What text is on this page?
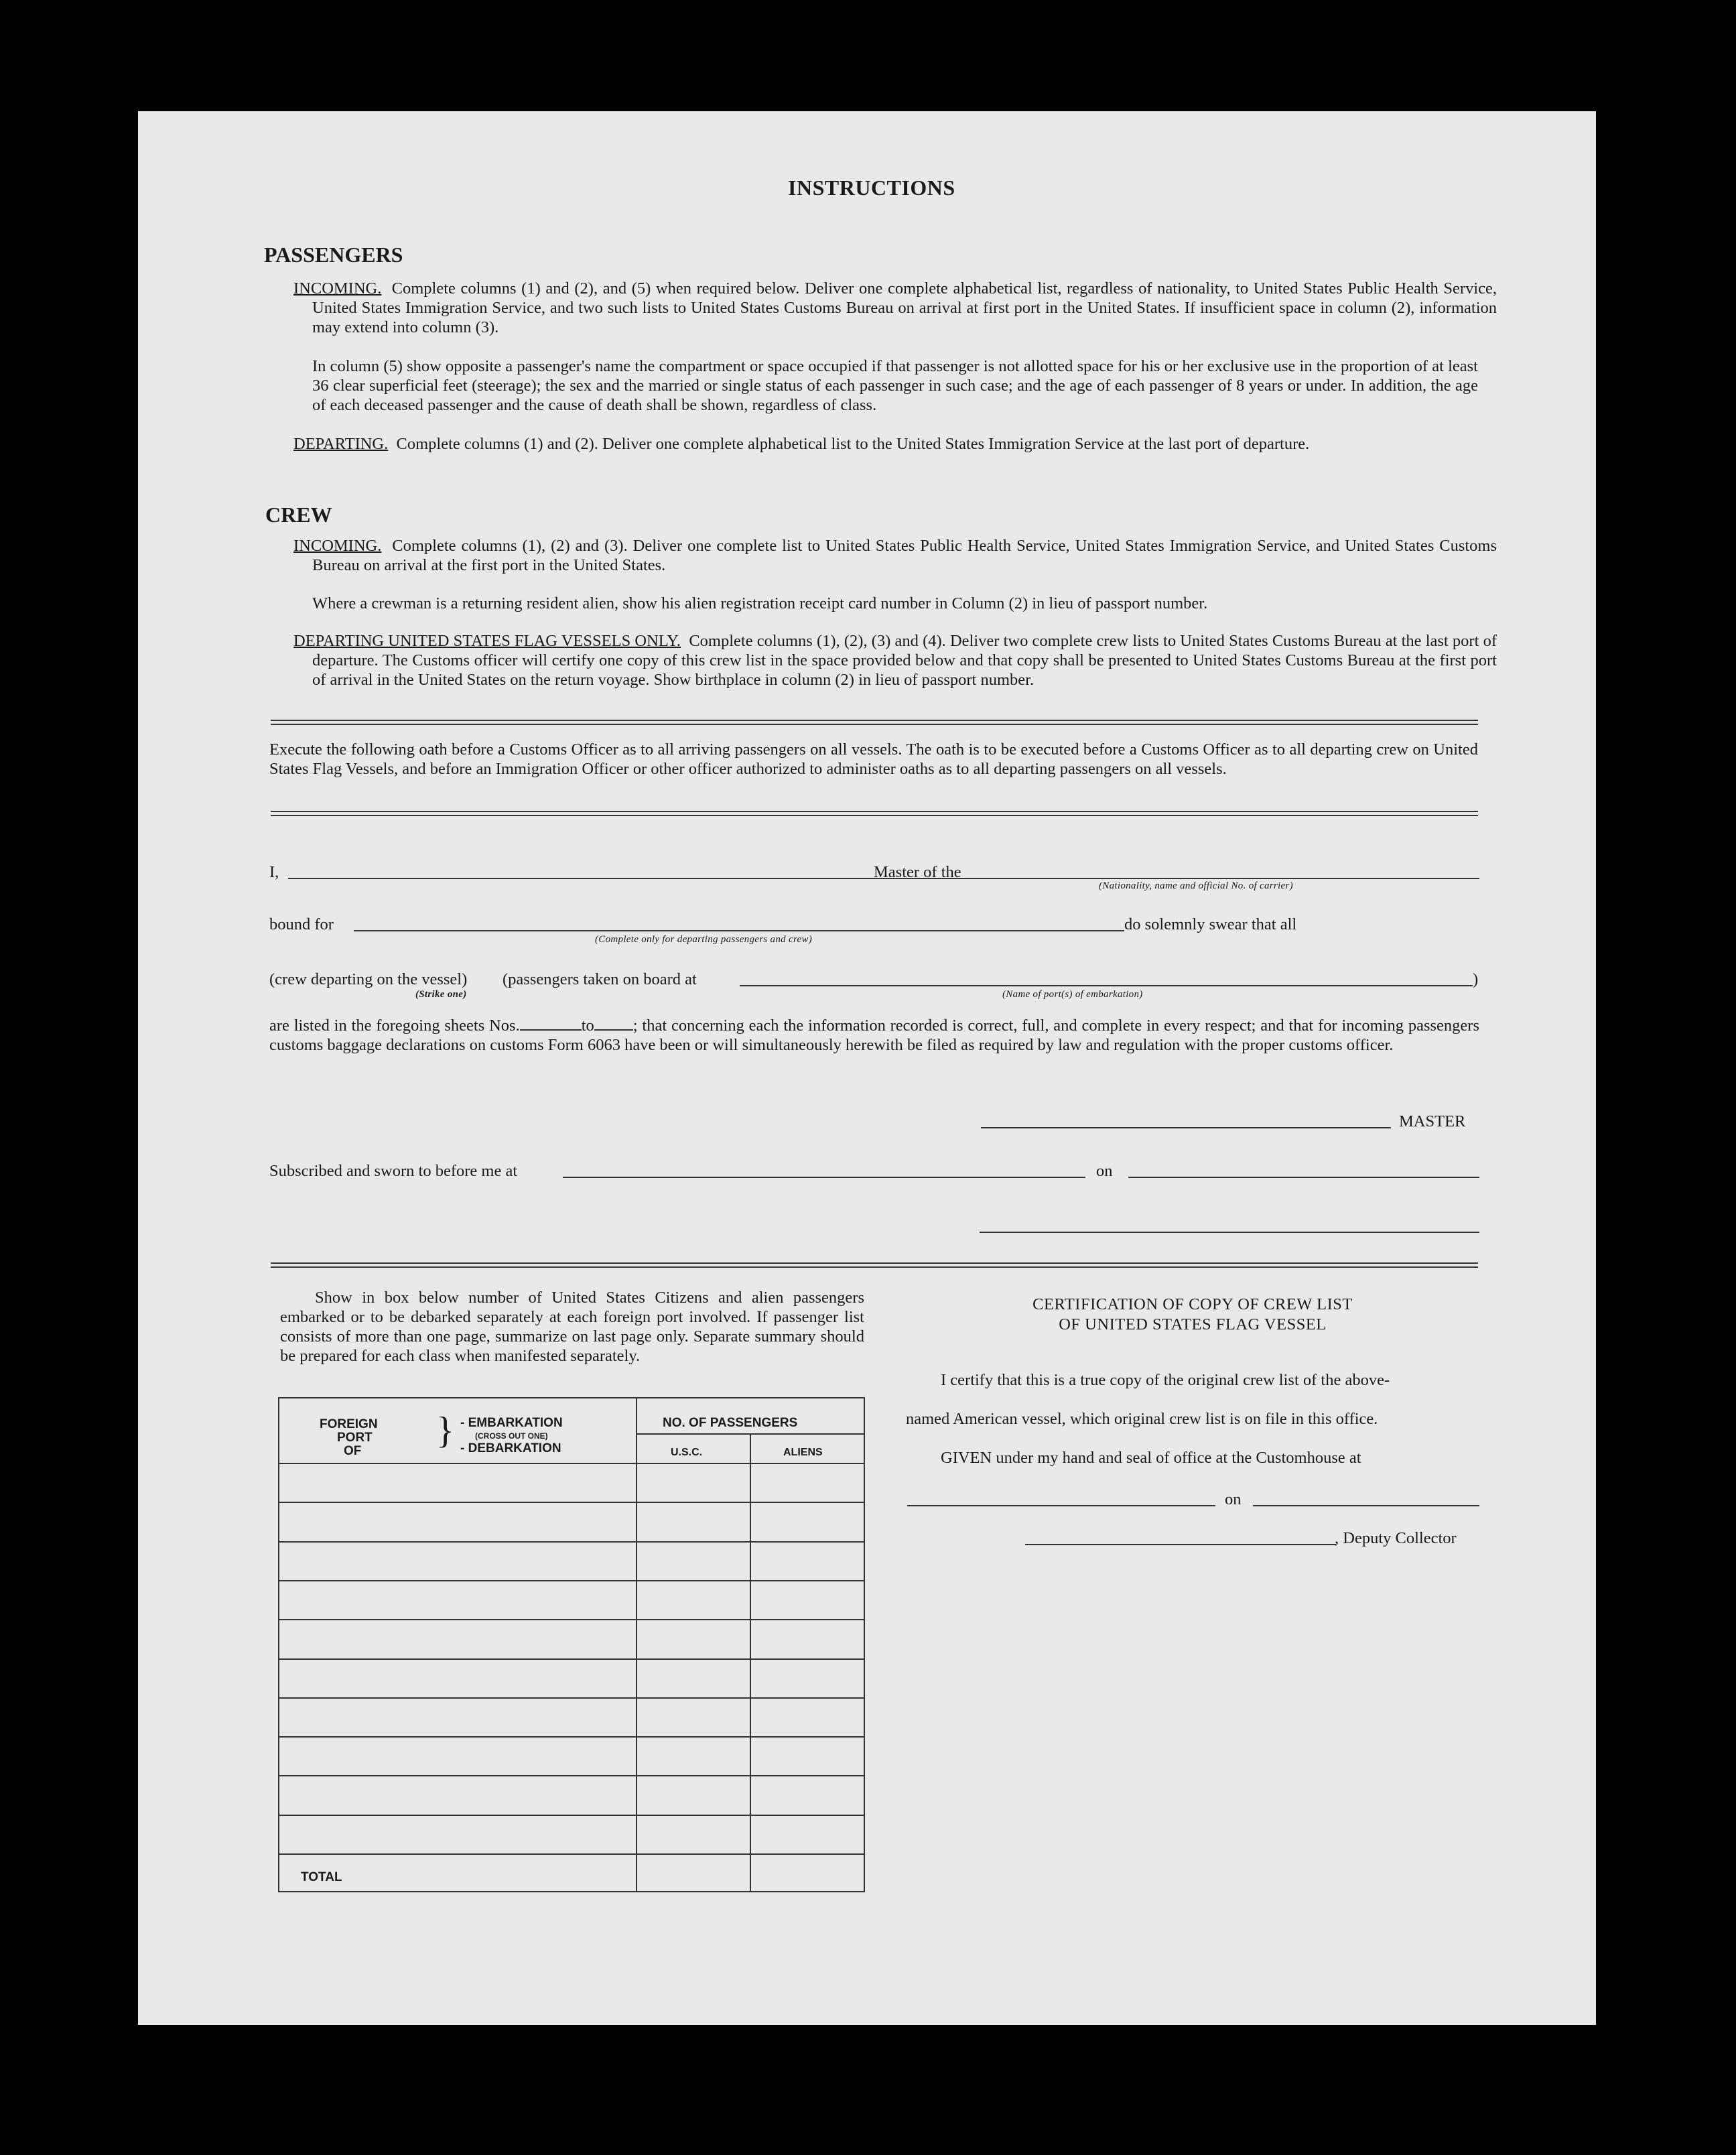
INSTRUCTIONS
PASSENGERS
INCOMING. Complete columns (1) and (2), and (5) when required below. Deliver one complete alphabetical list, regardless of nationality, to United States Public Health Service, United States Immigration Service, and two such lists to United States Customs Bureau on arrival at first port in the United States. If insufficient space in column (2), information may extend into column (3).
In column (5) show opposite a passenger's name the compartment or space occupied if that passenger is not allotted space for his or her exclusive use in the proportion of at least 36 clear superficial feet (steerage); the sex and the married or single status of each passenger in such case; and the age of each passenger of 8 years or under. In addition, the age of each deceased passenger and the cause of death shall be shown, regardless of class.
DEPARTING. Complete columns (1) and (2). Deliver one complete alphabetical list to the United States Immigration Service at the last port of departure.
CREW
INCOMING. Complete columns (1), (2) and (3). Deliver one complete list to United States Public Health Service, United States Immigration Service, and United States Customs Bureau on arrival at the first port in the United States.
Where a crewman is a returning resident alien, show his alien registration receipt card number in Column (2) in lieu of passport number.
DEPARTING UNITED STATES FLAG VESSELS ONLY. Complete columns (1), (2), (3) and (4). Deliver two complete crew lists to United States Customs Bureau at the last port of departure. The Customs officer will certify one copy of this crew list in the space provided below and that copy shall be presented to United States Customs Bureau at the first port of arrival in the United States on the return voyage. Show birthplace in column (2) in lieu of passport number.
Execute the following oath before a Customs Officer as to all arriving passengers on all vessels. The oath is to be executed before a Customs Officer as to all departing crew on United States Flag Vessels, and before an Immigration Officer or other officer authorized to administer oaths as to all departing passengers on all vessels.
I,	Master of the
(Nationality, name and official No. of carrier)
bound for
(Complete only for departing passengers and crew)
do solemnly swear that all
(crew departing on the vessel) (passengers taken on board at	)
(Strike one)	(Name of port(s) of embarkation)
are listed in the foregoing sheets Nos.	to ; that concerning each the information recorded is correct, full, and complete in every respect; and that for incoming passengers customs baggage declarations on customs Form 6063 have been or will simultaneously herewith be filed as required by law and regulation with the proper customs officer.
MASTER
Subscribed and sworn to before me at	on
Show in box below number of United States Citizens and alien passengers embarked or to be debarked separately at each foreign port involved. If passenger list consists of more than one page, summarize on last page only. Separate summary should be prepared for each class when manifested separately.
FOREIGN
PORT
OF } - EMBARKATION
(CROSS OUT ONE)
- DEBARKATION
NO. OF PASSENGERS
U.S.C.	ALIENS
TOTAL
CERTIFICATION OF COPY OF CREW LIST
OF UNITED STATES FLAG VESSEL
I certify that this is a true copy of the original crew list of the above-
named American vessel, which original crew list is on file in this office.
GIVEN under my hand and seal of office at the Customhouse at
on
, Deputy Collector
